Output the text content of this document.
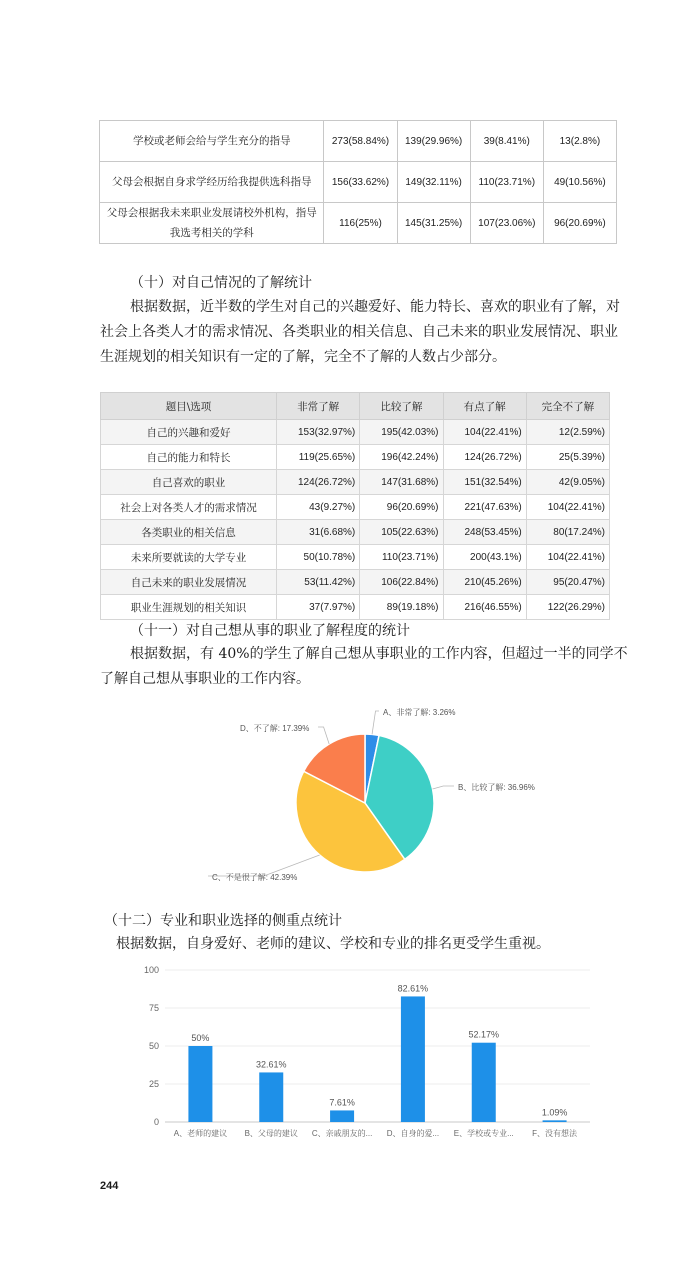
学校或老师会给与学生充分的指导	273(58.84%)	139(29.96%)	39(8.41%)	13(2.8%)
父母会根据自身求学经历给我提供选科指导	156(33.62%)	149(32.11%)	110(23.71%)	49(10.56%)
父母会根据我未来职业发展请校外机构，指导我选考相关的学科	116(25%)	145(31.25%)	107(23.06%)	96(20.69%)
（十）对自己情况的了解统计
根据数据，近半数的学生对自己的兴趣爱好、能力特长、喜欢的职业有了解，对
社会上各类人才的需求情况、各类职业的相关信息、自己未来的职业发展情况、职业
生涯规划的相关知识有一定的了解，完全不了解的人数占少部分。
题目\选项	非常了解	比较了解	有点了解	完全不了解
自己的兴趣和爱好	153(32.97%)	195(42.03%)	104(22.41%)	12(2.59%)
自己的能力和特长	119(25.65%)	196(42.24%)	124(26.72%)	25(5.39%)
自己喜欢的职业	124(26.72%)	147(31.68%)	151(32.54%)	42(9.05%)
社会上对各类人才的需求情况	43(9.27%)	96(20.69%)	221(47.63%)	104(22.41%)
各类职业的相关信息	31(6.68%)	105(22.63%)	248(53.45%)	80(17.24%)
未来所要就读的大学专业	50(10.78%)	110(23.71%)	200(43.1%)	104(22.41%)
自己未来的职业发展情况	53(11.42%)	106(22.84%)	210(45.26%)	95(20.47%)
职业生涯规划的相关知识	37(7.97%)	89(19.18%)	216(46.55%)	122(26.29%)
（十一）对自己想从事的职业了解程度的统计
根据数据，有 40%的学生了解自己想从事职业的工作内容，但超过一半的同学不
了解自己想从事职业的工作内容。
A、非常了解: 3.26%
B、比较了解: 36.96%
C、不是很了解: 42.39%
D、不了解: 17.39%
（十二）专业和职业选择的侧重点统计
根据数据，自身爱好、老师的建议、学校和专业的排名更受学生重视。
0
25
50
75
100
50%
A、老师的建议
32.61%
B、父母的建议
7.61%
C、亲戚朋友的...
82.61%
D、自身的爱...
52.17%
E、学校或专业...
1.09%
F、没有想法
244
